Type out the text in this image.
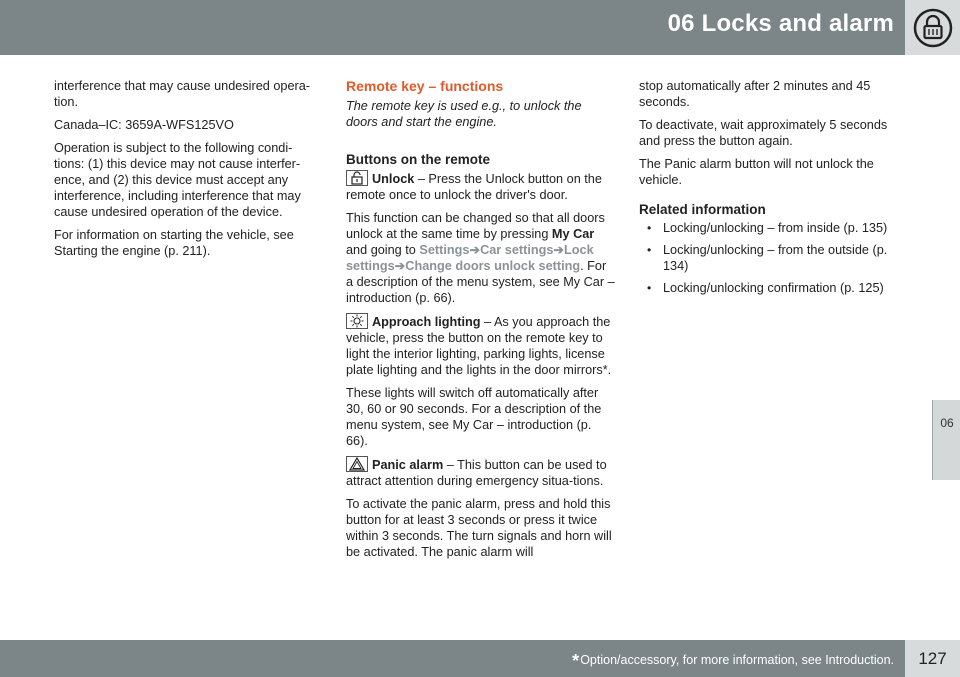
06 Locks and alarm
06

interference that may cause undesired opera-tion.

Canada–IC: 3659A-WFS125VO

Operation is subject to the following condi-tions: (1) this device may not cause interfer-ence, and (2) this device must accept any interference, including interference that may cause undesired operation of the device.

For information on starting the vehicle, see Starting the engine (p. 211).

Remote key – functions

The remote key is used e.g., to unlock the doors and start the engine.

Buttons on the remote

Unlock – Press the Unlock button on the remote once to unlock the driver's door.

This function can be changed so that all doors unlock at the same time by pressing My Car and going to Settings➔Car settings➔Lock settings➔Change doors unlock setting. For a description of the menu system, see My Car – introduction (p. 66).

Approach lighting – As you approach the vehicle, press the button on the remote key to light the interior lighting, parking lights, license plate lighting and the lights in the door mirrors*.

These lights will switch off automatically after 30, 60 or 90 seconds. For a description of the menu system, see My Car – introduction (p. 66).

Panic alarm – This button can be used to attract attention during emergency situa-tions.

To activate the panic alarm, press and hold this button for at least 3 seconds or press it twice within 3 seconds. The turn signals and horn will be activated. The panic alarm will

stop automatically after 2 minutes and 45 seconds.

To deactivate, wait approximately 5 seconds and press the button again.

The Panic alarm button will not unlock the vehicle.

Related information
• Locking/unlocking – from inside (p. 135)
• Locking/unlocking – from the outside (p. 134)
• Locking/unlocking confirmation (p. 125)
*Option/accessory, for more information, see Introduction.	127
